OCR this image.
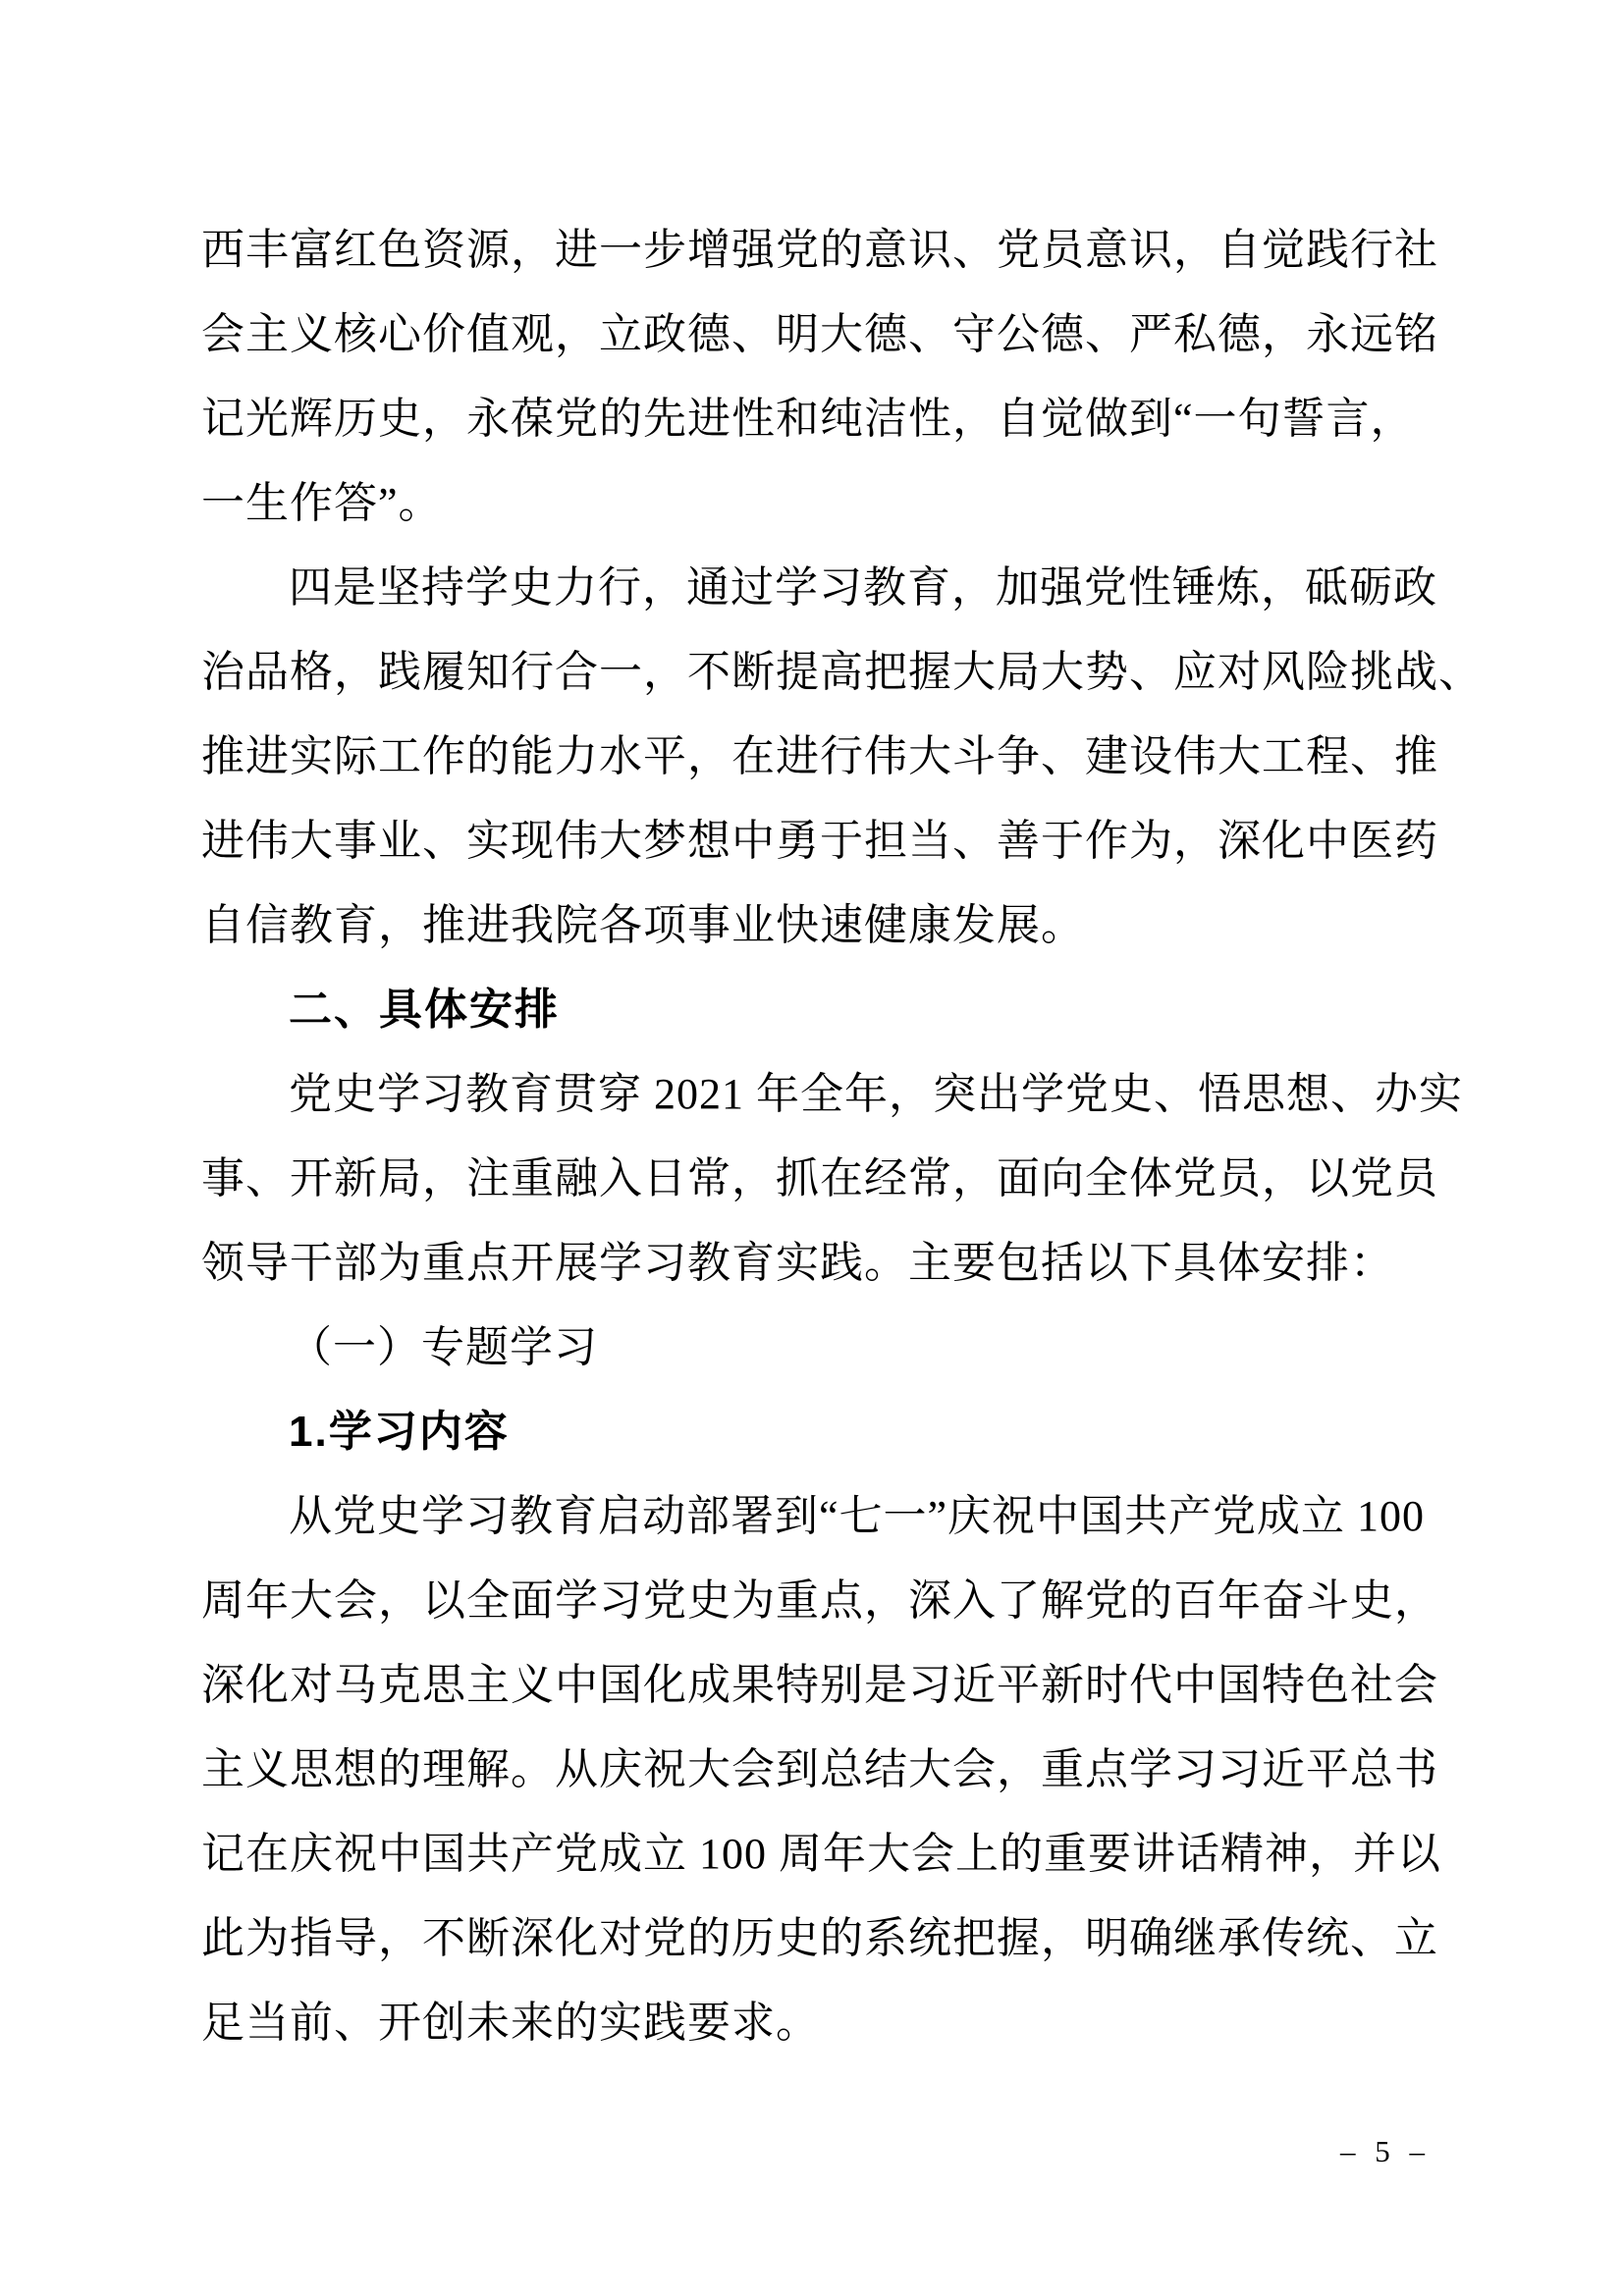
西丰富红色资源，进一步增强党的意识、党员意识，自觉践行社
会主义核心价值观，立政德、明大德、守公德、严私德，永远铭
记光辉历史，永葆党的先进性和纯洁性，自觉做到“一句誓言，
一生作答”。
四是坚持学史力行，通过学习教育，加强党性锤炼，砥砺政
治品格，践履知行合一，不断提高把握大局大势、应对风险挑战、
推进实际工作的能力水平，在进行伟大斗争、建设伟大工程、推
进伟大事业、实现伟大梦想中勇于担当、善于作为，深化中医药
自信教育，推进我院各项事业快速健康发展。
二、具体安排
党史学习教育贯穿 2021 年全年，突出学党史、悟思想、办实
事、开新局，注重融入日常，抓在经常，面向全体党员，以党员
领导干部为重点开展学习教育实践。主要包括以下具体安排：
（一）专题学习
1.学习内容
从党史学习教育启动部署到“七一”庆祝中国共产党成立 100
周年大会，以全面学习党史为重点，深入了解党的百年奋斗史，
深化对马克思主义中国化成果特别是习近平新时代中国特色社会
主义思想的理解。从庆祝大会到总结大会，重点学习习近平总书
记在庆祝中国共产党成立 100 周年大会上的重要讲话精神，并以
此为指导，不断深化对党的历史的系统把握，明确继承传统、立
足当前、开创未来的实践要求。
– 5 –
